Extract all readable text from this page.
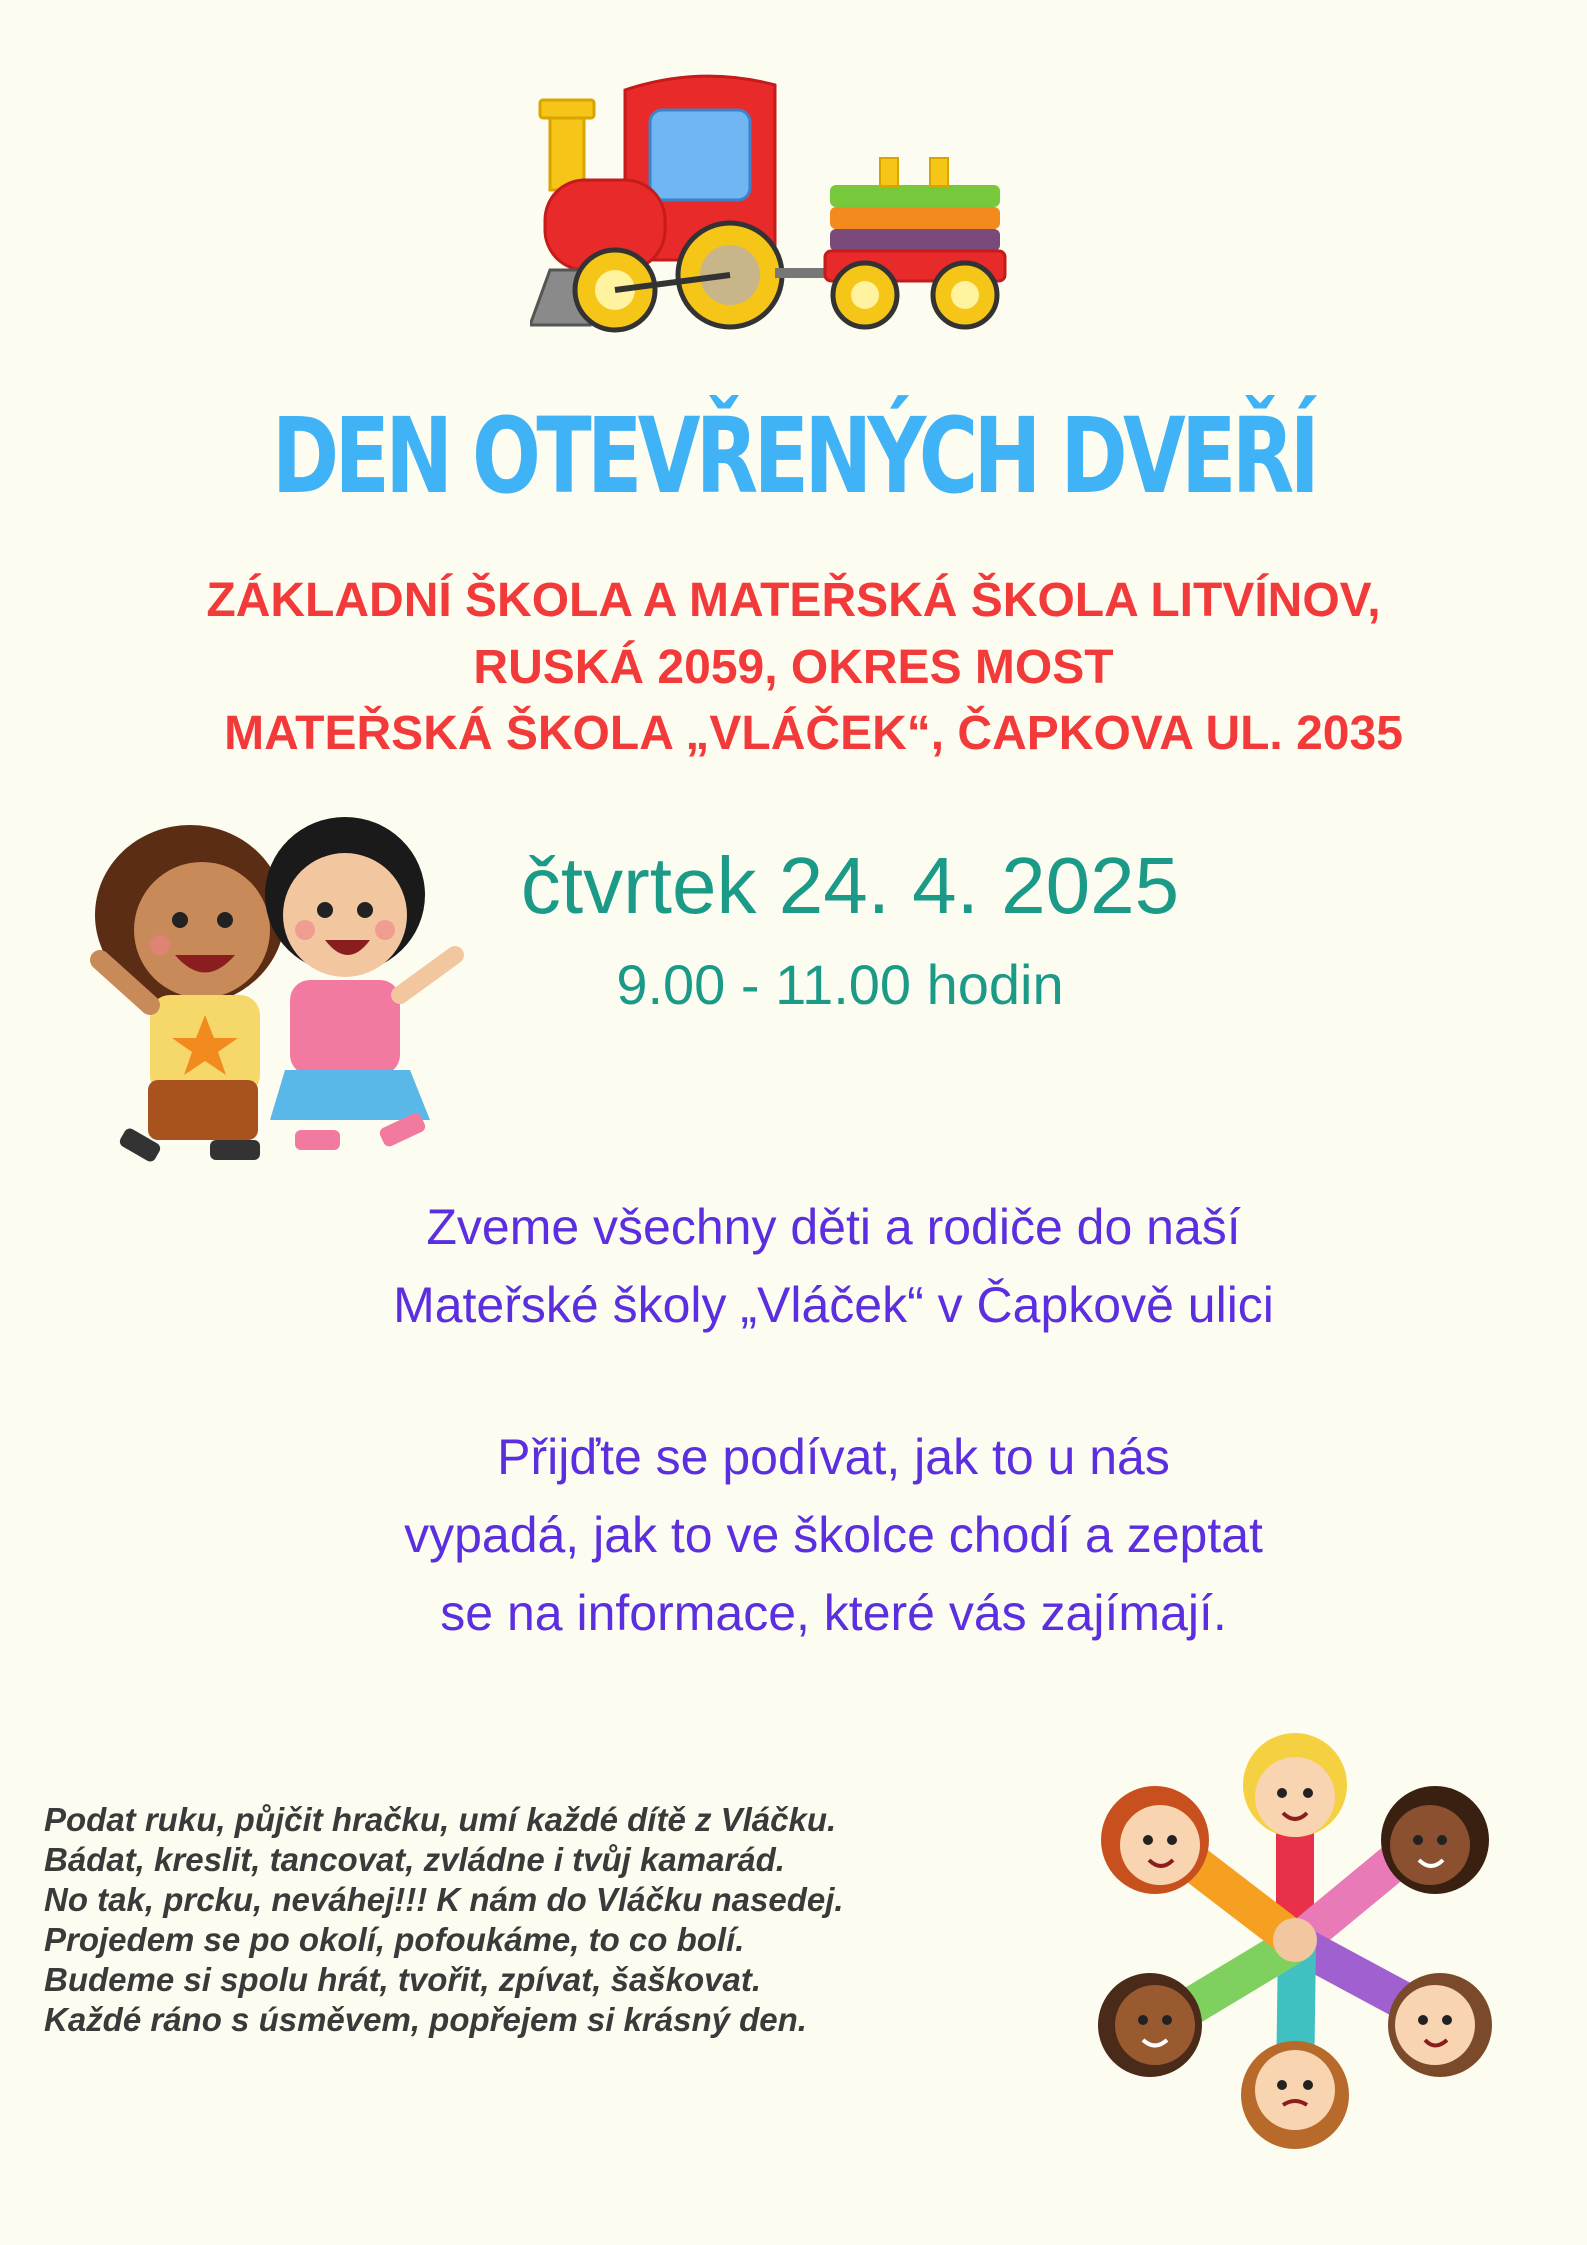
DEN OTEVŘENÝCH DVEŘÍ
ZÁKLADNÍ ŠKOLA A MATEŘSKÁ ŠKOLA LITVÍNOV,
RUSKÁ 2059, OKRES MOST
MATEŘSKÁ ŠKOLA „VLÁČEK“, ČAPKOVA UL. 2035
čtvrtek 24. 4. 2025
9.00 - 11.00 hodin
Zveme všechny děti a rodiče do naší
Mateřské školy „Vláček“ v Čapkově ulici
Přijďte se podívat, jak to u nás
vypadá, jak to ve školce chodí a zeptat
se na informace, které vás zajímají.
Podat ruku, půjčit hračku, umí každé dítě z Vláčku.
Bádat, kreslit, tancovat, zvládne i tvůj kamarád.
No tak, prcku, neváhej!!! K nám do Vláčku nasedej.
Projedem se po okolí, pofoukáme, to co bolí.
Budeme si spolu hrát, tvořit, zpívat, šaškovat.
Každé ráno s úsměvem, popřejem si krásný den.
